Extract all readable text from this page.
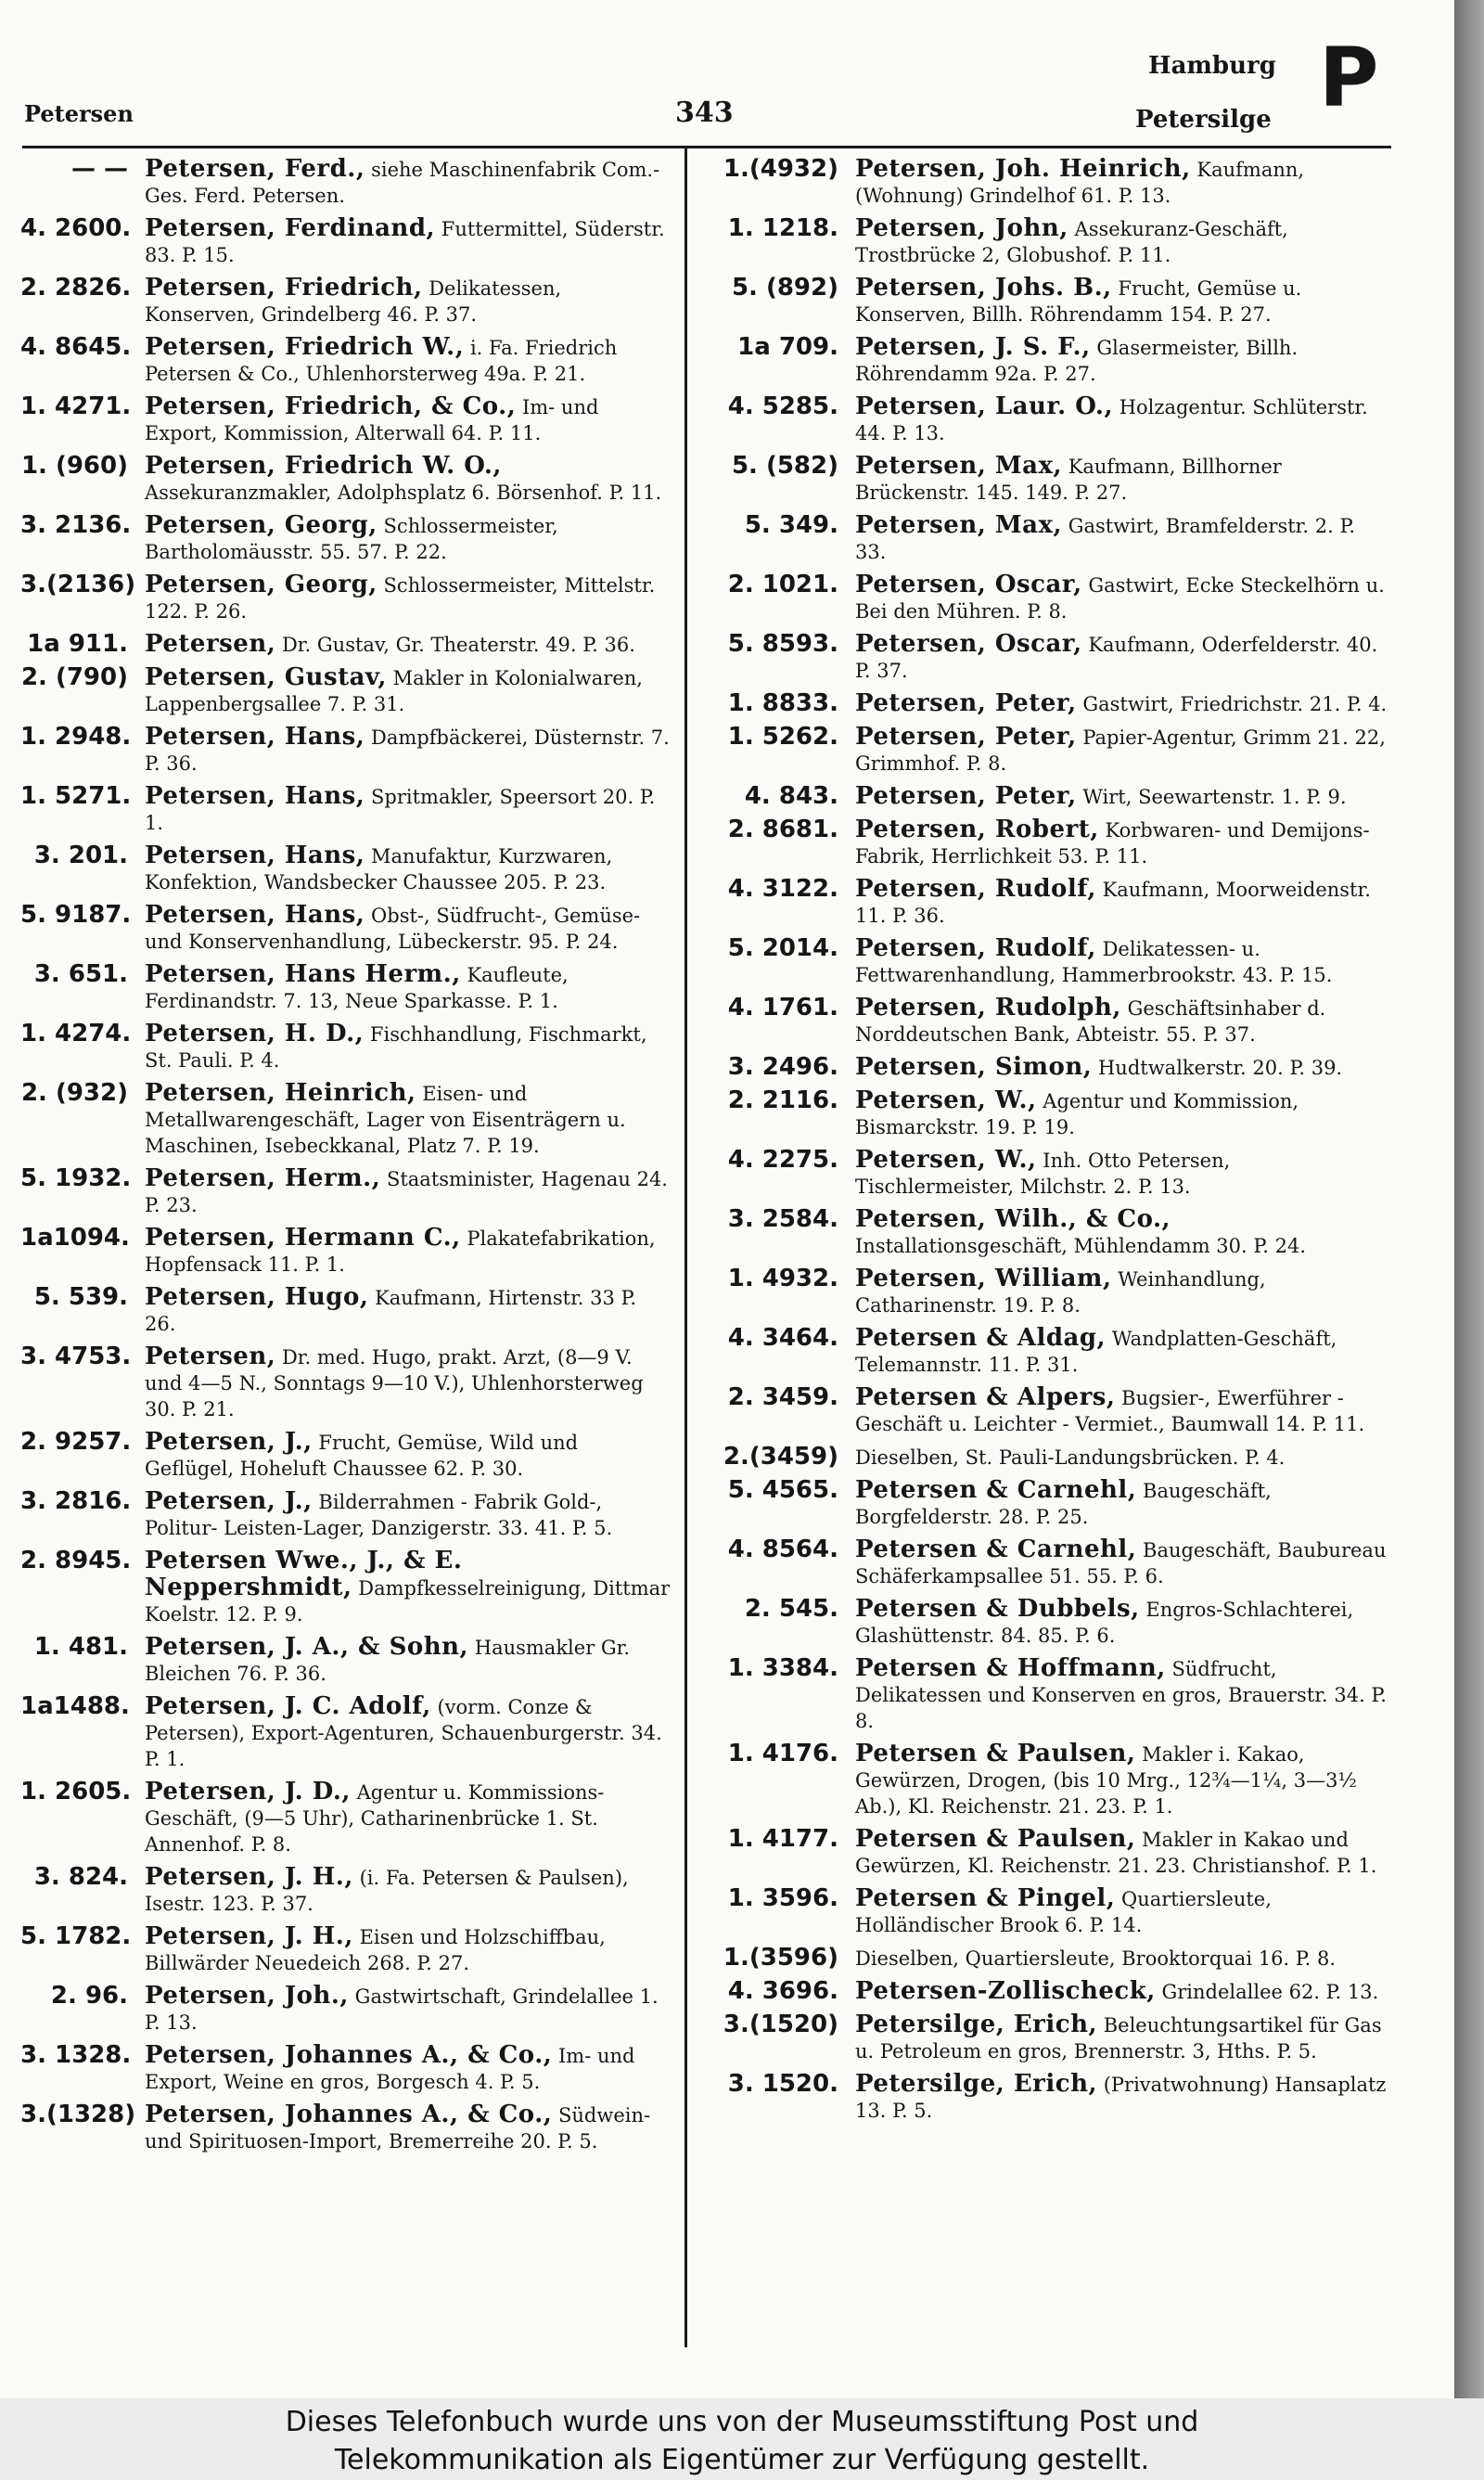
Petersen	343
Hamburg
Petersilge P
— — Petersen, Ferd., siehe Maschinenfabrik Com.-Ges. Ferd. Petersen.
4. 2600. Petersen, Ferdinand, Futtermittel, Süderstr. 83. P. 15.
2. 2826. Petersen, Friedrich, Delikatessen, Konserven, Grindelberg 46. P. 37.
4. 8645. Petersen, Friedrich W., i. Fa. Friedrich Petersen & Co., Uhlenhorsterweg 49a. P. 21.
1. 4271. Petersen, Friedrich, & Co., Im- und Export, Kommission, Alterwall 64. P. 11.
1. (960) Petersen, Friedrich W. O., Assekuranzmakler, Adolphsplatz 6. Börsenhof. P. 11.
3. 2136. Petersen, Georg, Schlossermeister, Bartholomäusstr. 55. 57. P. 22.
3.(2136) Petersen, Georg, Schlossermeister, Mittelstr. 122. P. 26.
1a 911. Petersen, Dr. Gustav, Gr. Theaterstr. 49. P. 36.
2. (790) Petersen, Gustav, Makler in Kolonialwaren, Lappenbergsallee 7. P. 31.
1. 2948. Petersen, Hans, Dampfbäckerei, Düsternstr. 7. P. 36.
1. 5271. Petersen, Hans, Spritmakler, Speersort 20. P. 1.
3. 201. Petersen, Hans, Manufaktur, Kurzwaren, Konfektion, Wandsbecker Chaussee 205. P. 23.
5. 9187. Petersen, Hans, Obst-, Südfrucht-, Gemüse- und Konservenhandlung, Lübeckerstr. 95. P. 24.
3. 651. Petersen, Hans Herm., Kaufleute, Ferdinandstr. 7. 13, Neue Sparkasse. P. 1.
1. 4274. Petersen, H. D., Fischhandlung, Fischmarkt, St. Pauli. P. 4.
2. (932) Petersen, Heinrich, Eisen- und Metallwarengeschäft, Lager von Eisenträgern u. Maschinen, Isebeckkanal, Platz 7. P. 19.
5. 1932. Petersen, Herm., Staatsminister, Hagenau 24. P. 23.
1a1094. Petersen, Hermann C., Plakatefabrikation, Hopfensack 11. P. 1.
5. 539. Petersen, Hugo, Kaufmann, Hirtenstr. 33 P. 26.
3. 4753. Petersen, Dr. med. Hugo, prakt. Arzt, (8—9 V. und 4—5 N., Sonntags 9—10 V.), Uhlenhorsterweg 30. P. 21.
2. 9257. Petersen, J., Frucht, Gemüse, Wild und Geflügel, Hoheluft Chaussee 62. P. 30.
3. 2816. Petersen, J., Bilderrahmen - Fabrik Gold-, Politur- Leisten-Lager, Danzigerstr. 33. 41. P. 5.
2. 8945. Petersen Wwe., J., & E. Neppershmidt, Dampfkesselreinigung, Dittmar Koelstr. 12. P. 9.
1. 481. Petersen, J. A., & Sohn, Hausmakler Gr. Bleichen 76. P. 36.
1a1488. Petersen, J. C. Adolf, (vorm. Conze & Petersen), Export-Agenturen, Schauenburgerstr. 34. P. 1.
1. 2605. Petersen, J. D., Agentur u. Kommissions-Geschäft, (9—5 Uhr), Catharinenbrücke 1. St. Annenhof. P. 8.
3. 824. Petersen, J. H., (i. Fa. Petersen & Paulsen), Isestr. 123. P. 37.
5. 1782. Petersen, J. H., Eisen und Holzschiffbau, Billwärder Neuedeich 268. P. 27.
2. 96. Petersen, Joh., Gastwirtschaft, Grindelallee 1. P. 13.
3. 1328. Petersen, Johannes A., & Co., Im- und Export, Weine en gros, Borgesch 4. P. 5.
3.(1328) Petersen, Johannes A., & Co., Südwein- und Spirituosen-Import, Bremerreihe 20. P. 5.
1.(4932) Petersen, Joh. Heinrich, Kaufmann, (Wohnung) Grindelhof 61. P. 13.
1. 1218. Petersen, John, Assekuranz-Geschäft, Trostbrücke 2, Globushof. P. 11.
5. (892) Petersen, Johs. B., Frucht, Gemüse u. Konserven, Billh. Röhrendamm 154. P. 27.
1a 709. Petersen, J. S. F., Glasermeister, Billh. Röhrendamm 92a. P. 27.
4. 5285. Petersen, Laur. O., Holzagentur. Schlüterstr. 44. P. 13.
5. (582) Petersen, Max, Kaufmann, Billhorner Brückenstr. 145. 149. P. 27.
5. 349. Petersen, Max, Gastwirt, Bramfelderstr. 2. P. 33.
2. 1021. Petersen, Oscar, Gastwirt, Ecke Steckelhörn u. Bei den Mühren. P. 8.
5. 8593. Petersen, Oscar, Kaufmann, Oderfelderstr. 40. P. 37.
1. 8833. Petersen, Peter, Gastwirt, Friedrichstr. 21. P. 4.
1. 5262. Petersen, Peter, Papier-Agentur, Grimm 21. 22, Grimmhof. P. 8.
4. 843. Petersen, Peter, Wirt, Seewartenstr. 1. P. 9.
2. 8681. Petersen, Robert, Korbwaren- und Demijons-Fabrik, Herrlichkeit 53. P. 11.
4. 3122. Petersen, Rudolf, Kaufmann, Moorweidenstr. 11. P. 36.
5. 2014. Petersen, Rudolf, Delikatessen- u. Fettwarenhandlung, Hammerbrookstr. 43. P. 15.
4. 1761. Petersen, Rudolph, Geschäftsinhaber d. Norddeutschen Bank, Abteistr. 55. P. 37.
3. 2496. Petersen, Simon, Hudtwalkerstr. 20. P. 39.
2. 2116. Petersen, W., Agentur und Kommission, Bismarckstr. 19. P. 19.
4. 2275. Petersen, W., Inh. Otto Petersen, Tischlermeister, Milchstr. 2. P. 13.
3. 2584. Petersen, Wilh., & Co., Installationsgeschäft, Mühlendamm 30. P. 24.
1. 4932. Petersen, William, Weinhandlung, Catharinenstr. 19. P. 8.
4. 3464. Petersen & Aldag, Wandplatten-Geschäft, Telemannstr. 11. P. 31.
2. 3459. Petersen & Alpers, Bugsier-, Ewerführer - Geschäft u. Leichter - Vermiet., Baumwall 14. P. 11.
2.(3459) Dieselben, St. Pauli-Landungsbrücken. P. 4.
5. 4565. Petersen & Carnehl, Baugeschäft, Borgfelderstr. 28. P. 25.
4. 8564. Petersen & Carnehl, Baugeschäft, Baubureau Schäferkampsallee 51. 55. P. 6.
2. 545. Petersen & Dubbels, Engros-Schlachterei, Glashüttenstr. 84. 85. P. 6.
1. 3384. Petersen & Hoffmann, Südfrucht, Delikatessen und Konserven en gros, Brauerstr. 34. P. 8.
1. 4176. Petersen & Paulsen, Makler i. Kakao, Gewürzen, Drogen, (bis 10 Mrg., 12¾—1¼, 3—3½ Ab.), Kl. Reichenstr. 21. 23. P. 1.
1. 4177. Petersen & Paulsen, Makler in Kakao und Gewürzen, Kl. Reichenstr. 21. 23. Christianshof. P. 1.
1. 3596. Petersen & Pingel, Quartiersleute, Holländischer Brook 6. P. 14.
1.(3596) Dieselben, Quartiersleute, Brooktorquai 16. P. 8.
4. 3696. Petersen-Zollischeck, Grindelallee 62. P. 13.
3.(1520) Petersilge, Erich, Beleuchtungsartikel für Gas u. Petroleum en gros, Brennerstr. 3, Hths. P. 5.
3. 1520. Petersilge, Erich, (Privatwohnung) Hansaplatz 13. P. 5.
Dieses Telefonbuch wurde uns von der Museumsstiftung Post und
Telekommunikation als Eigentümer zur Verfügung gestellt.
